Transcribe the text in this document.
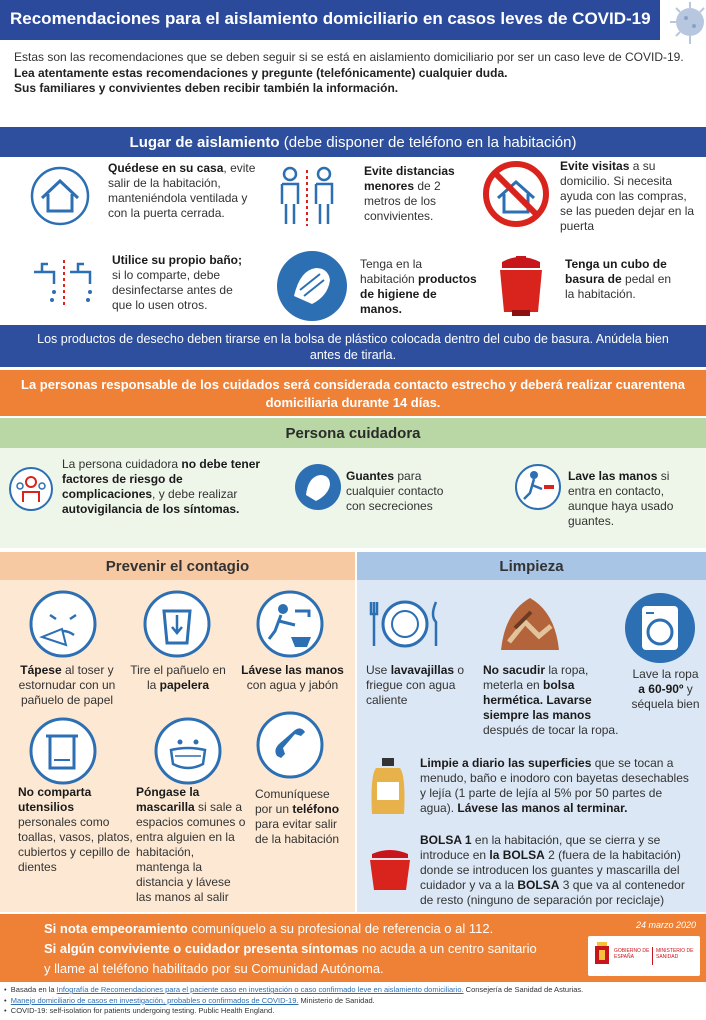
Recomendaciones para el aislamiento domiciliario en casos leves de COVID-19
Estas son las recomendaciones que se deben seguir si se está en aislamiento domiciliario por ser un caso leve de COVID-19.
Lea atentamente estas recomendaciones y pregunte (telefónicamente) cualquier duda.
Sus familiares y convivientes deben recibir también la información.
Lugar de aislamiento (debe disponer de teléfono en la habitación)
Quédese en su casa, evite salir de la habitación, manteniéndola ventilada y con la puerta cerrada.
Evite distancias menores de 2 metros de los convivientes.
Evite visitas a su domicilio. Si necesita ayuda con las compras, se las pueden dejar en la puerta
Utilice su propio baño; si lo comparte, debe desinfectarse antes de que lo usen otros.
Tenga en la habitación productos de higiene de manos.
Tenga un cubo de basura de pedal en la habitación.
Los productos de desecho deben tirarse en la bolsa de plástico colocada dentro del cubo de basura. Anúdela bien antes de tirarla.
La personas responsable de los cuidados será considerada contacto estrecho y deberá realizar cuarentena domiciliaria durante 14 días.
Persona cuidadora
La persona cuidadora no debe tener factores de riesgo de complicaciones, y debe realizar autovigilancia de los síntomas.
Guantes para cualquier contacto con secreciones
Lave las manos si entra en contacto, aunque haya usado guantes.
Prevenir el contagio	Limpieza
Tápese al toser y estornudar con un pañuelo de papel
Tire el pañuelo en la papelera
Lávese las manos con agua y jabón
No comparta utensilios personales como toallas, vasos, platos, cubiertos y cepillo de dientes
Póngase la mascarilla si sale a espacios comunes o entra alguien en la habitación, mantenga la distancia y lávese las manos al salir
Comuníquese por un teléfono para evitar salir de la habitación
Use lavavajillas o friegue con agua caliente
No sacudir la ropa, meterla en bolsa hermética. Lavarse siempre las manos después de tocar la ropa.
Lave la ropa a 60-90º y séquela bien
Limpie a diario las superficies que se tocan a menudo, baño e inodoro con bayetas desechables y lejía (1 parte de lejía al 5% por 50 partes de agua). Lávese las manos al terminar.
BOLSA 1 en la habitación, que se cierra y se introduce en la BOLSA 2 (fuera de la habitación) donde se introducen los guantes y mascarilla del cuidador y va a la BOLSA 3 que va al contenedor de resto (ninguno de separación por reciclaje)
Si nota empeoramiento comuníquelo a su profesional de referencia o al 112.
Si algún conviviente o cuidador presenta síntomas no acuda a un centro sanitario
y llame al teléfono habilitado por su Comunidad Autónoma.
24 marzo 2020
GOBIERNO DE ESPAÑA
MINISTERIO DE SANIDAD
•  Basada en la Infografía de Recomendaciones para el paciente caso en investigación o caso confirmado leve en aislamiento domiciliario. Consejería de Sanidad de Asturias.
•  Manejo domiciliario de casos en investigación, probables o confirmados de COVID-19. Ministerio de Sanidad.
•  COVID-19: self-isolation for patients undergoing testing. Public Health England.
